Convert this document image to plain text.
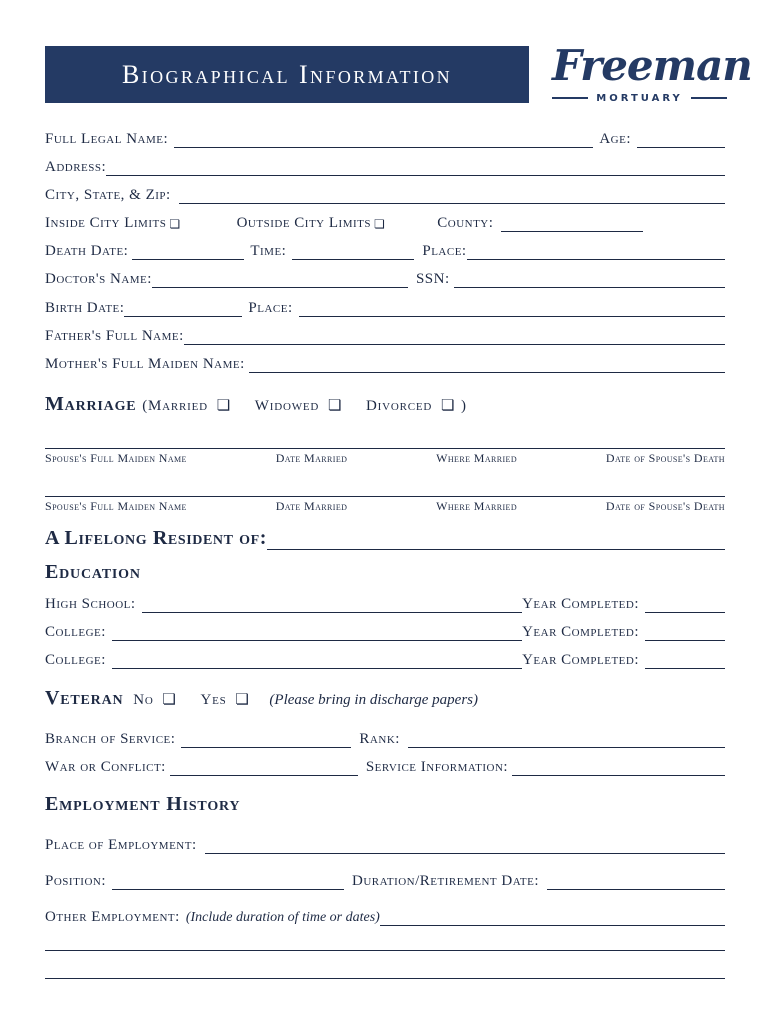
Biographical Information	Freeman
MORTUARY
Full Legal Name:	Age:
Address:
City, State, & Zip:
Inside City Limits ❏	Outside City Limits ❏	County:
Death Date:	Time:	Place:
Doctor's Name:	SSN:
Birth Date:	Place:
Father's Full Name:
Mother's Full Maiden Name:
Marriage (Married ❏ Widowed ❏ Divorced ❏ )
Spouse's Full Maiden Name	Date Married	Where Married	Date of Spouse's Death
Spouse's Full Maiden Name	Date Married	Where Married	Date of Spouse's Death
A Lifelong Resident of:
Education
High School:	Year Completed:
College:	Year Completed:
College:	Year Completed:
Veteran No ❏ Yes ❏ (Please bring in discharge papers)
Branch of Service:	Rank:
War or Conflict:	Service Information:
Employment History
Place of Employment:
Position:	Duration/Retirement Date:
Other Employment: (Include duration of time or dates)
